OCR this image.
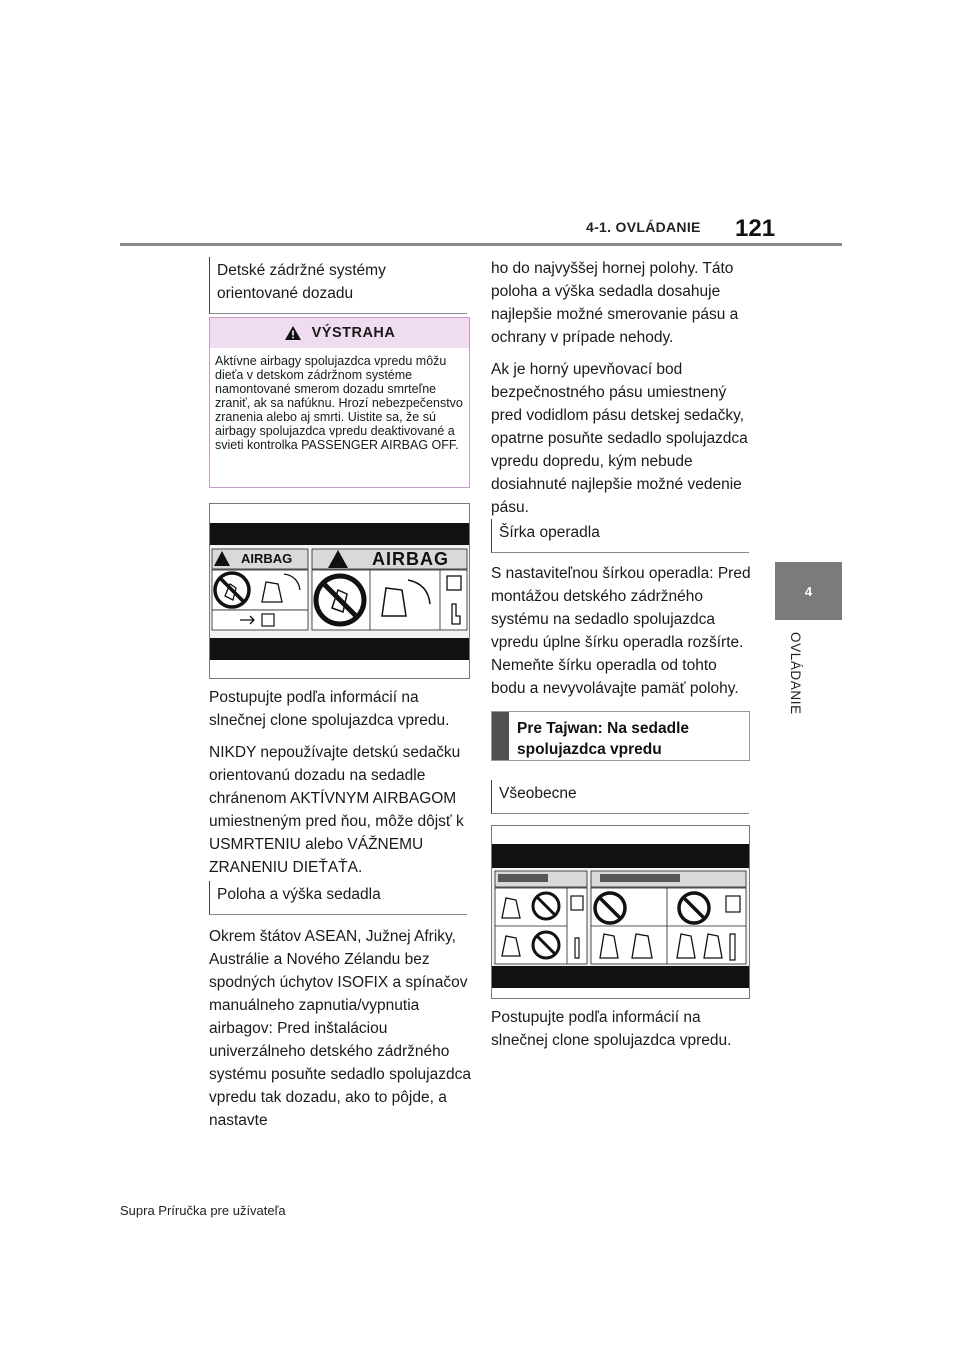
4-1. OVLÁDANIE 121
4
OVLÁDANIE
Detské zádržné systémy orientované dozadu
VÝSTRAHA
Aktívne airbagy spolujazdca vpredu môžu dieťa v detskom zádržnom systéme namontované smerom dozadu smrteľne zraniť, ak sa nafúknu. Hrozí nebezpečenstvo zranenia alebo aj smrti. Uistite sa, že sú airbagy spolujazdca vpredu deaktivované a svieti kontrolka PASSENGER AIRBAG OFF.
AIRBAG	AIRBAG

Postupujte podľa informácií na slnečnej clone spolujazdca vpredu.

NIKDY nepoužívajte detskú sedačku orientovanú dozadu na sedadle chránenom AKTÍVNYM AIRBAGOM umiestneným pred ňou, môže dôjsť k USMRTENIU alebo VÁŽNEMU ZRANENIU DIEŤAŤA.

Poloha a výška sedadla
Okrem štátov ASEAN, Južnej Afriky, Austrálie a Nového Zélandu bez spodných úchytov ISOFIX a spínačov manuálneho zapnutia/vypnutia airbagov: Pred inštaláciou univerzálneho detského zádržného systému posuňte sedadlo spolujazdca vpredu tak dozadu, ako to pôjde, a nastavte

ho do najvyššej hornej polohy. Táto poloha a výška sedadla dosahuje najlepšie možné smerovanie pásu a ochrany v prípade nehody.

Ak je horný upevňovací bod bezpečnostného pásu umiestnený pred vodidlom pásu detskej sedačky, opatrne posuňte sedadlo spolujazdca vpredu dopredu, kým nebude dosiahnuté najlepšie možné vedenie pásu.

Šírka operadla
S nastaviteľnou šírkou operadla: Pred montážou detského zádržného systému na sedadlo spolujazdca vpredu úplne šírku operadla rozšírte. Nemeňte šírku operadla od tohto bodu a nevyvolávajte pamäť polohy.
Pre Tajwan: Na sedadle spolujazdca vpredu
Všeobecne
Postupujte podľa informácií na slnečnej clone spolujazdca vpredu.
Supra Príručka pre užívateľa
